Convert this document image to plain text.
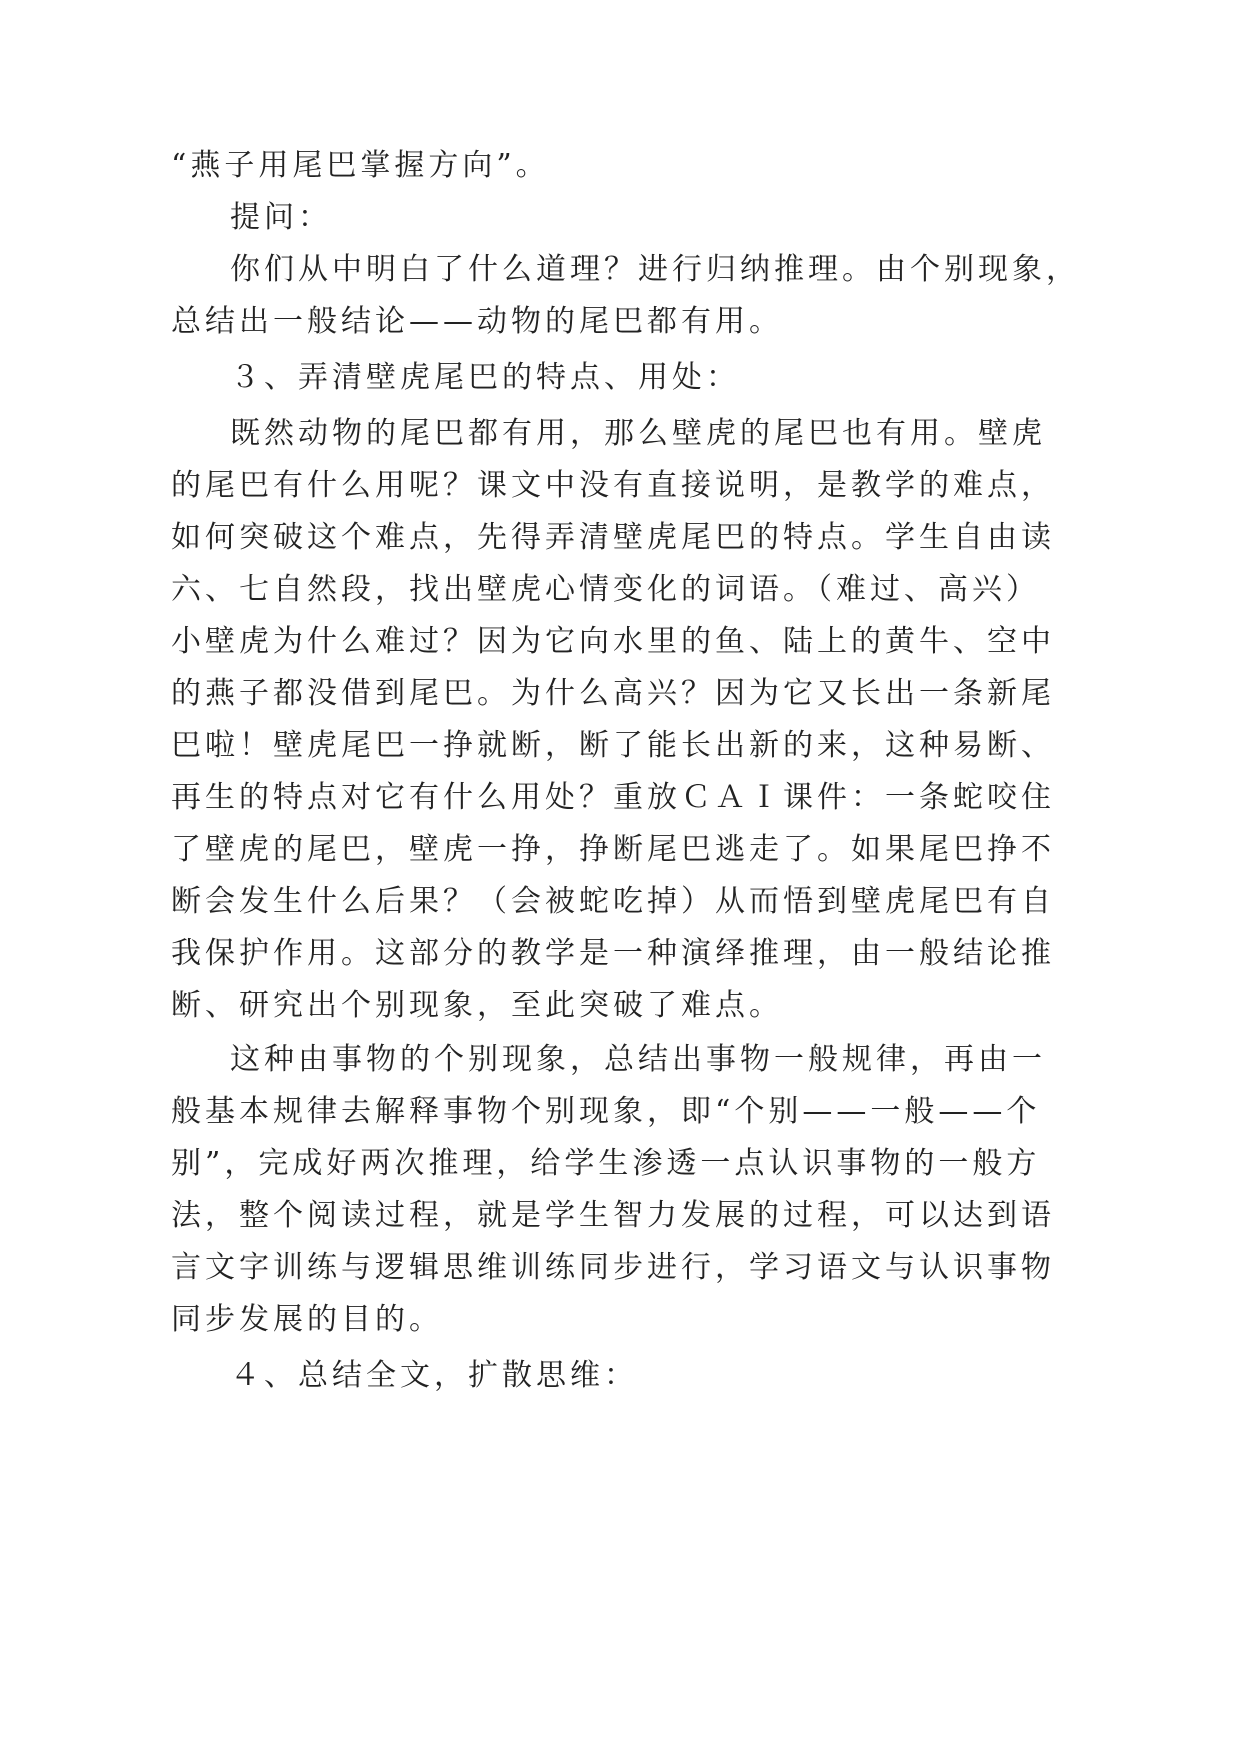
“燕子用尾巴掌握方向”。
提问：
你们从中明白了什么道理？进行归纳推理。由个别现象，
总结出一般结论——动物的尾巴都有用。
３、弄清壁虎尾巴的特点、用处：
既然动物的尾巴都有用，那么壁虎的尾巴也有用。壁虎
的尾巴有什么用呢？课文中没有直接说明，是教学的难点，
如何突破这个难点，先得弄清壁虎尾巴的特点。学生自由读
六、七自然段，找出壁虎心情变化的词语。（难过、高兴）
小壁虎为什么难过？因为它向水里的鱼、陆上的黄牛、空中
的燕子都没借到尾巴。为什么高兴？因为它又长出一条新尾
巴啦！壁虎尾巴一挣就断，断了能长出新的来，这种易断、
再生的特点对它有什么用处？重放ＣＡＩ课件：一条蛇咬住
了壁虎的尾巴，壁虎一挣，挣断尾巴逃走了。如果尾巴挣不
断会发生什么后果？（会被蛇吃掉）从而悟到壁虎尾巴有自
我保护作用。这部分的教学是一种演绎推理，由一般结论推
断、研究出个别现象，至此突破了难点。
这种由事物的个别现象，总结出事物一般规律，再由一
般基本规律去解释事物个别现象，即“个别——一般——个
别”，完成好两次推理，给学生渗透一点认识事物的一般方
法，整个阅读过程，就是学生智力发展的过程，可以达到语
言文字训练与逻辑思维训练同步进行，学习语文与认识事物
同步发展的目的。
４、总结全文，扩散思维：
